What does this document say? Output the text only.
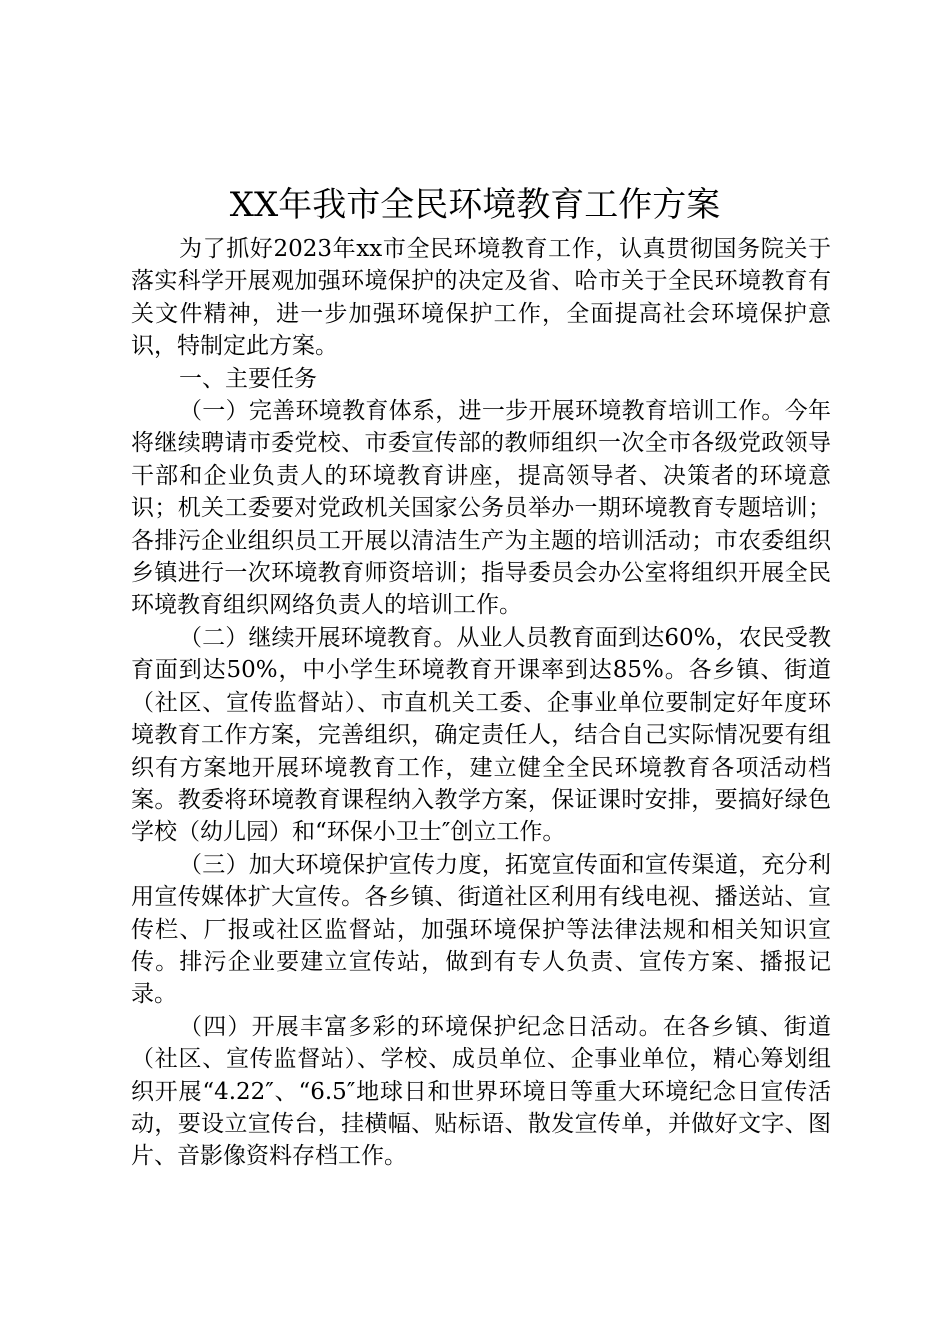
XX年我市全民环境教育工作方案

为了抓好2023年xx市全民环境教育工作，认真贯彻国务院关于落实科学开展观加强环境保护的决定及省、哈市关于全民环境教育有关文件精神，进一步加强环境保护工作，全面提高社会环境保护意识，特制定此方案。

一、主要任务

（一）完善环境教育体系，进一步开展环境教育培训工作。今年将继续聘请市委党校、市委宣传部的教师组织一次全市各级党政领导干部和企业负责人的环境教育讲座，提高领导者、决策者的环境意识；机关工委要对党政机关国家公务员举办一期环境教育专题培训；各排污企业组织员工开展以清洁生产为主题的培训活动；市农委组织乡镇进行一次环境教育师资培训；指导委员会办公室将组织开展全民环境教育组织网络负责人的培训工作。

（二）继续开展环境教育。从业人员教育面到达60%，农民受教育面到达50%，中小学生环境教育开课率到达85%。各乡镇、街道（社区、宣传监督站）、市直机关工委、企事业单位要制定好年度环境教育工作方案，完善组织，确定责任人，结合自己实际情况要有组织有方案地开展环境教育工作，建立健全全民环境教育各项活动档案。教委将环境教育课程纳入教学方案，保证课时安排，要搞好绿色学校（幼儿园）和“环保小卫士″创立工作。

（三）加大环境保护宣传力度，拓宽宣传面和宣传渠道，充分利用宣传媒体扩大宣传。各乡镇、街道社区利用有线电视、播送站、宣传栏、厂报或社区监督站，加强环境保护等法律法规和相关知识宣传。排污企业要建立宣传站，做到有专人负责、宣传方案、播报记录。

（四）开展丰富多彩的环境保护纪念日活动。在各乡镇、街道（社区、宣传监督站）、学校、成员单位、企事业单位，精心筹划组织开展“4.22″、“6.5″地球日和世界环境日等重大环境纪念日宣传活动，要设立宣传台，挂横幅、贴标语、散发宣传单，并做好文字、图片、音影像资料存档工作。
